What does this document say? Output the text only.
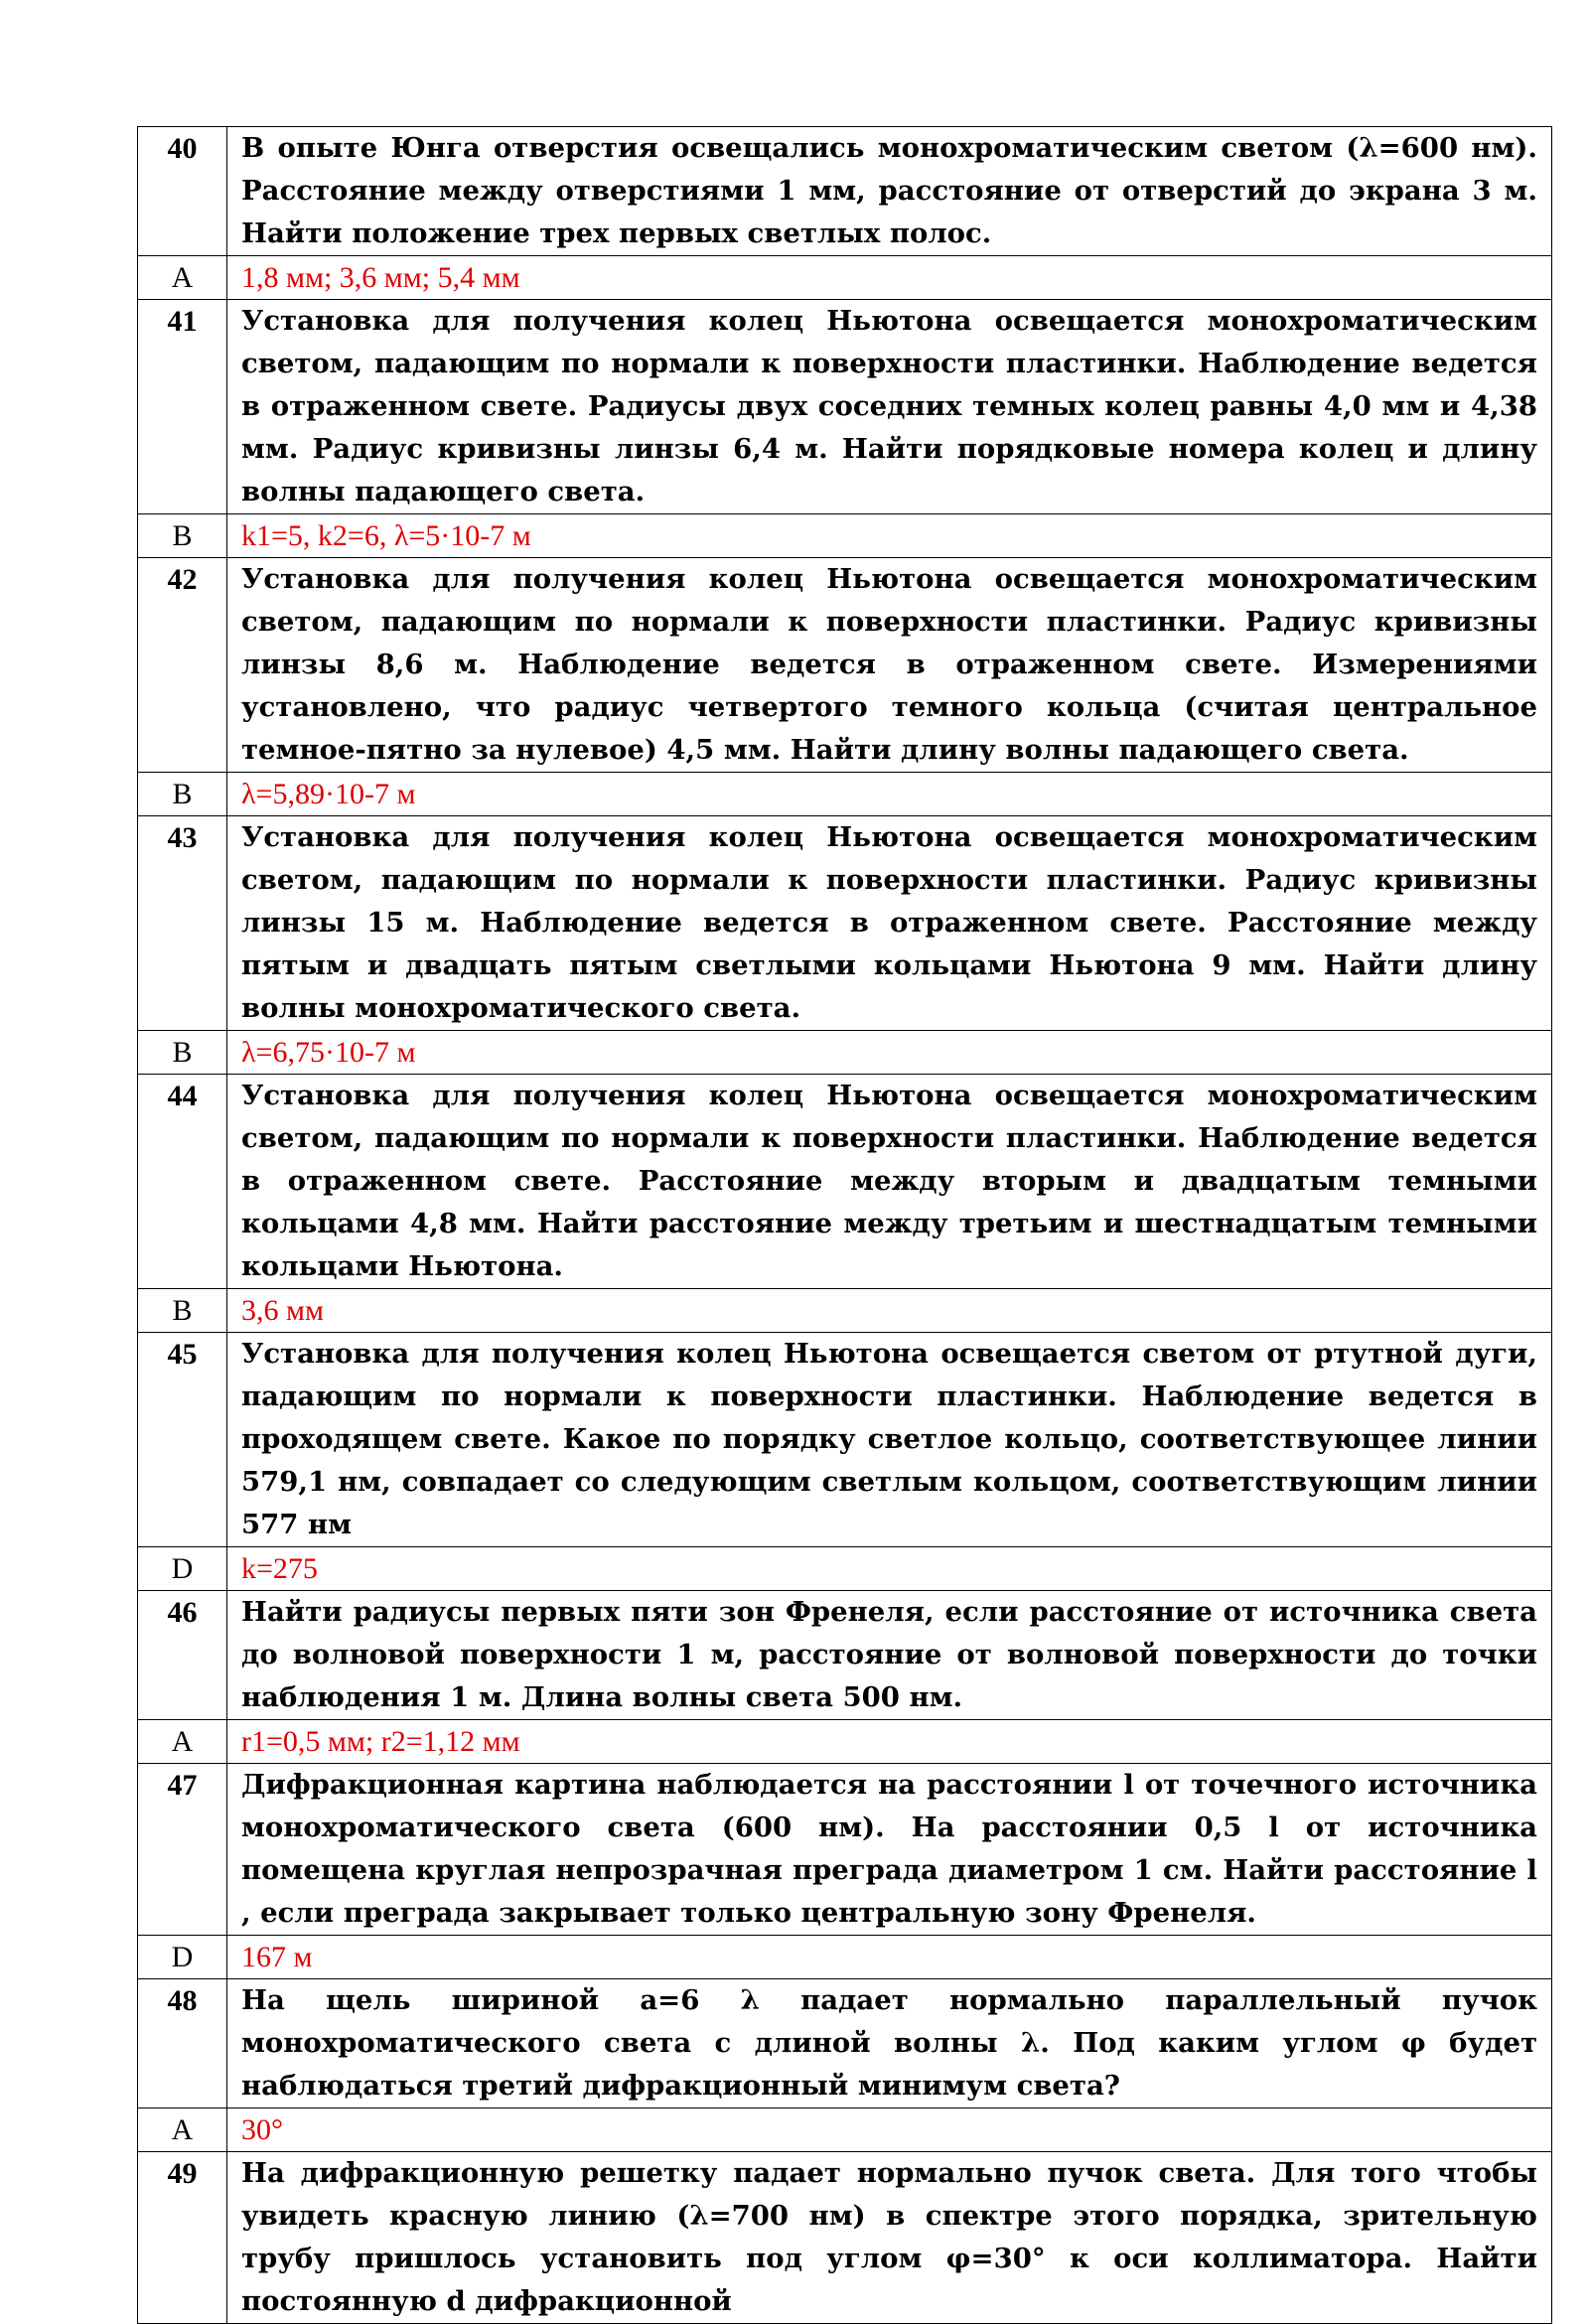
40	В опыте Юнга отверстия освещались монохроматическим светом (λ=600 нм). Расстояние между отверстиями 1 мм, расстояние от отверстий до экрана 3 м. Найти положение трех первых светлых полос.
A	1,8 мм; 3,6 мм; 5,4 мм
41	Установка для получения колец Ньютона освещается монохроматическим светом, падающим по нормали к поверхности пластинки. Наблюдение ведется в отраженном свете. Радиусы двух соседних темных колец равны 4,0 мм и 4,38 мм. Радиус кривизны линзы 6,4 м. Найти порядковые номера колец и длину волны падающего света.
B	k1=5, k2=6, λ=5·10-7 м
42	Установка для получения колец Ньютона освещается монохроматическим светом, падающим по нормали к поверхности пластинки. Радиус кривизны линзы 8,6 м. Наблюдение ведется в отраженном свете. Измерениями установлено, что радиус четвертого темного кольца (считая центральное темное-пятно за нулевое) 4,5 мм. Найти длину волны падающего света.
B	λ=5,89·10-7 м
43	Установка для получения колец Ньютона освещается монохроматическим светом, падающим по нормали к поверхности пластинки. Радиус кривизны линзы 15 м. Наблюдение ведется в отраженном свете. Расстояние между пятым и двадцать пятым светлыми кольцами Ньютона 9 мм. Найти длину волны монохроматического света.
B	λ=6,75·10-7 м
44	Установка для получения колец Ньютона освещается монохроматическим светом, падающим по нормали к поверхности пластинки. Наблюдение ведется в отраженном свете. Расстояние между вторым и двадцатым темными кольцами 4,8 мм. Найти расстояние между третьим и шестнадцатым темными кольцами Ньютона.
B	3,6 мм
45	Установка для получения колец Ньютона освещается светом от ртутной дуги, падающим по нормали к поверхности пластинки. Наблюдение ведется в проходящем свете. Какое по порядку светлое кольцо, соответствующее линии 579,1 нм, совпадает со следующим светлым кольцом, соответствующим линии 577 нм
D	k=275
46	Найти радиусы первых пяти зон Френеля, если расстояние от источника света до волновой поверхности 1 м, расстояние от волновой поверхности до точки наблюдения 1 м. Длина волны света 500 нм.
A	r1=0,5 мм; r2=1,12 мм
47	Дифракционная картина наблюдается на расстоянии l от точечного источника монохроматического света (600 нм). На расстоянии 0,5 l от источника помещена круглая непрозрачная преграда диаметром 1 см. Найти расстояние l , если преграда закрывает только центральную зону Френеля.
D	167 м
48	На щель шириной a=6 λ падает нормально параллельный пучок монохроматического света с длиной волны λ. Под каким углом φ будет наблюдаться третий дифракционный минимум света?
A	30°
49	На дифракционную решетку падает нормально пучок света. Для того чтобы увидеть красную линию (λ=700 нм) в спектре этого порядка, зрительную трубу пришлось установить под углом φ=30° к оси коллиматора. Найти постоянную d дифракционной
